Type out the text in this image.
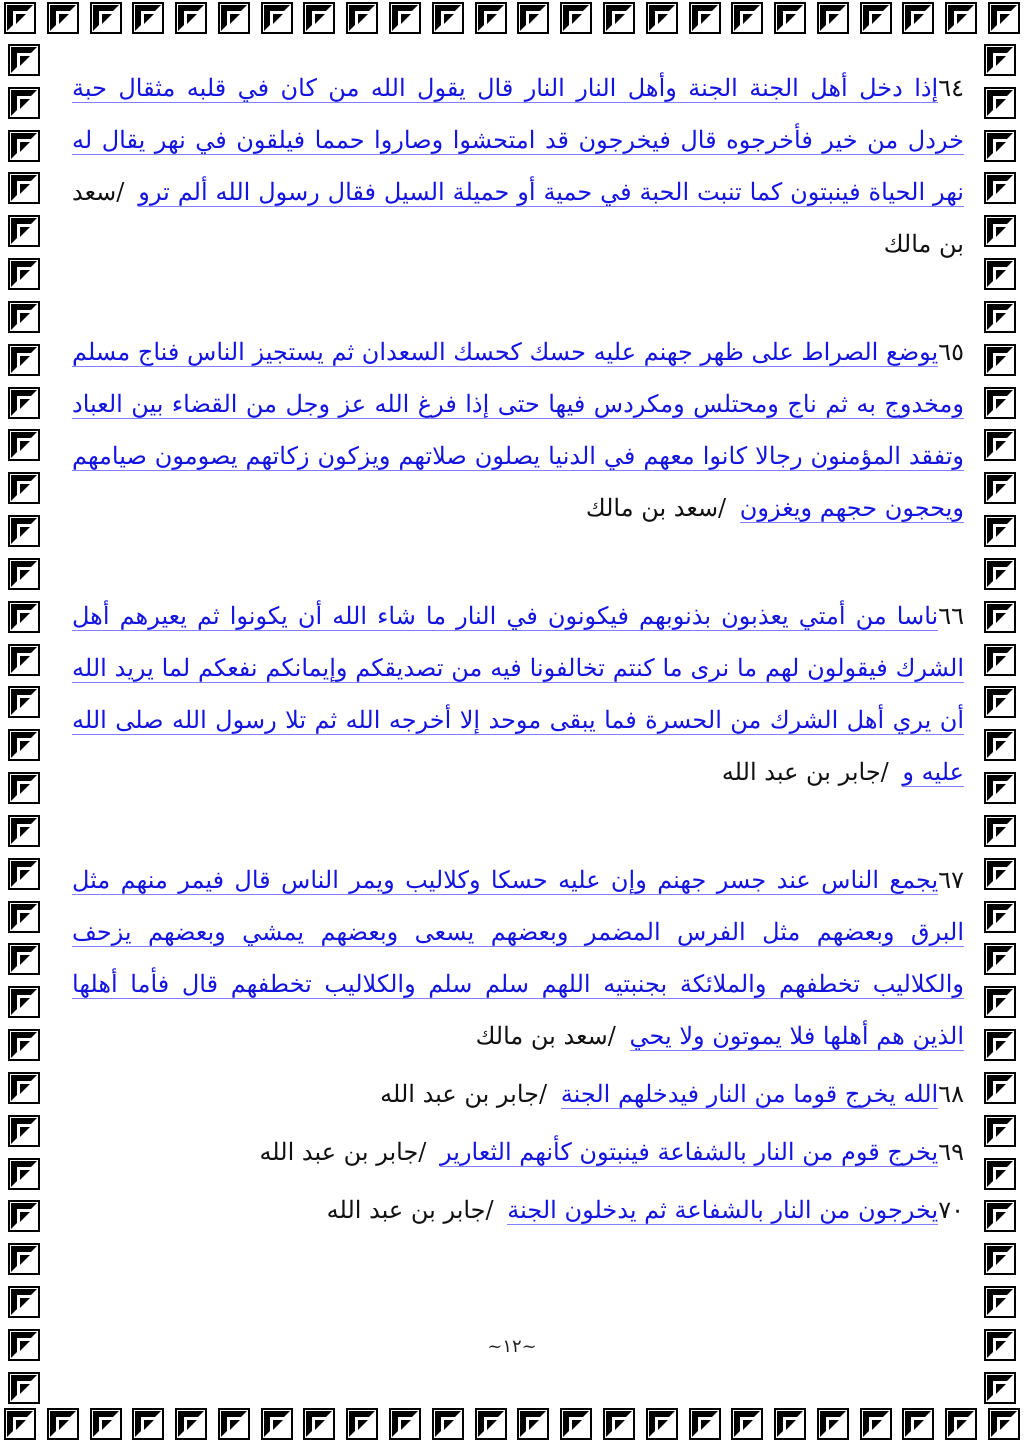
٦٤إذا دخل أهل الجنة الجنة وأهل النار النار قال يقول الله من كان في قلبه مثقال حبة خردل من خير فأخرجوه قال فيخرجون قد امتحشوا وصاروا حمما فيلقون في نهر يقال له نهر الحياة فينبتون كما تنبت الحبة في حمية أو حميلة السيل فقال رسول الله ألم ترو /سعد بن مالك

٦٥يوضع الصراط على ظهر جهنم عليه حسك كحسك السعدان ثم يستجيز الناس فناج مسلم ومخدوج به ثم ناج ومحتلس ومكردس فيها حتى إذا فرغ الله عز وجل من القضاء بين العباد وتفقد المؤمنون رجالا كانوا معهم في الدنيا يصلون صلاتهم ويزكون زكاتهم يصومون صيامهم ويحجون حجهم ويغزون /سعد بن مالك

٦٦ناسا من أمتي يعذبون بذنوبهم فيكونون في النار ما شاء الله أن يكونوا ثم يعيرهم أهل الشرك فيقولون لهم ما نرى ما كنتم تخالفونا فيه من تصديقكم وإيمانكم نفعكم لما يريد الله أن يري أهل الشرك من الحسرة فما يبقى موحد إلا أخرجه الله ثم تلا رسول الله صلى الله عليه و /جابر بن عبد الله

٦٧يجمع الناس عند جسر جهنم وإن عليه حسكا وكلاليب ويمر الناس قال فيمر منهم مثل البرق وبعضهم مثل الفرس المضمر وبعضهم يسعى وبعضهم يمشي وبعضهم يزحف والكلاليب تخطفهم والملائكة بجنبتيه اللهم سلم سلم والكلاليب تخطفهم قال فأما أهلها الذين هم أهلها فلا يموتون ولا يحي /سعد بن مالك

٦٨الله يخرج قوما من النار فيدخلهم الجنة /جابر بن عبد الله

٦٩يخرج قوم من النار بالشفاعة فينبتون كأنهم الثعارير /جابر بن عبد الله

٧٠يخرجون من النار بالشفاعة ثم يدخلون الجنة /جابر بن عبد الله

~١٢~
